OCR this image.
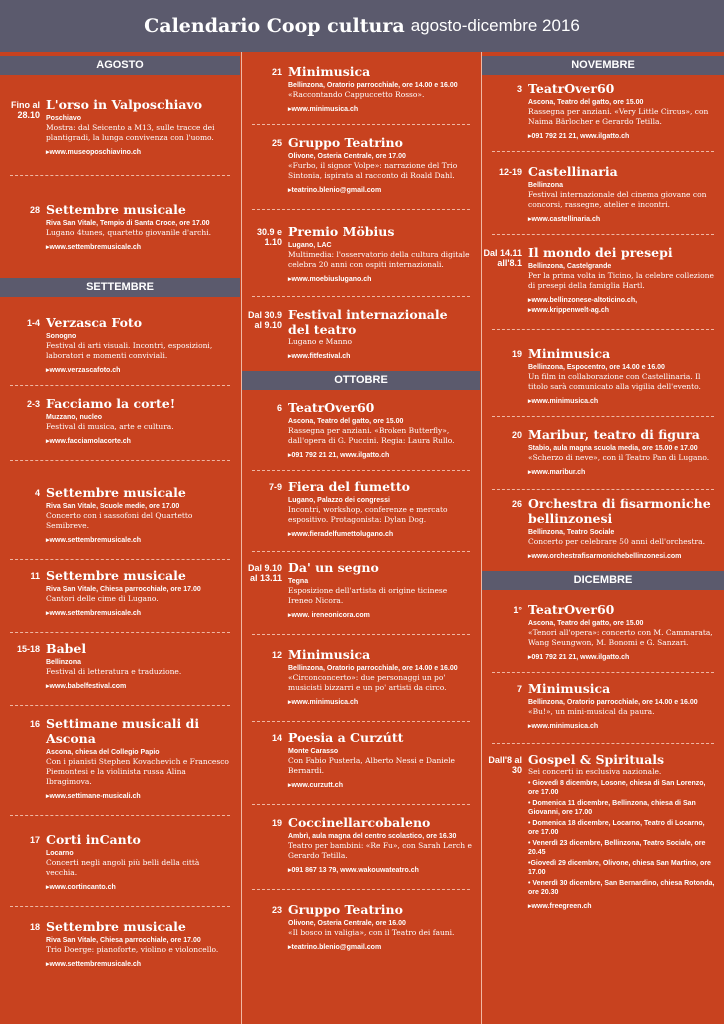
Calendario Coop cultura agosto-dicembre 2016
AGOSTO
Fino al 28.10
L'orso in Valposchiavo
Poschiavo
Mostra: dal Seicento a M13, sulle tracce dei plantigradi, la lunga convivenza con l'uomo.
▸ www.museoposchiavino.ch
28 Settembre musicale
Riva San Vitale, Tempio di Santa Croce, ore 17.00
Lugano 4tunes, quartetto giovanile d'archi.
▸ www.settembremusicale.ch
SETTEMBRE
1-4 Verzasca Foto
Sonogno
Festival di arti visuali. Incontri, esposizioni, laboratori e momenti conviviali.
▸ www.verzascafoto.ch
2-3 Facciamo la corte!
Muzzano, nucleo
Festival di musica, arte e cultura.
▸ www.facciamolacorte.ch
4 Settembre musicale
Riva San Vitale, Scuole medie, ore 17.00
Concerto con i sassofoni del Quartetto Semibreve.
▸ www.settembremusicale.ch
11 Settembre musicale
Riva San Vitale, Chiesa parrocchiale, ore 17.00
Cantori delle cime di Lugano.
▸ www.settembremusicale.ch
15-18 Babel
Bellinzona
Festival di letteratura e traduzione.
▸ www.babelfestival.com
16 Settimane musicali di Ascona
Ascona, chiesa del Collegio Papio
Con i pianisti Stephen Kovachevich e Francesco Piemontesi e la violinista russa Alina Ibragimova.
▸ www.settimane-musicali.ch
17 Corti inCanto
Locarno
Concerti negli angoli più belli della città vecchia.
▸ www.cortincanto.ch
18 Settembre musicale
Riva San Vitale, Chiesa parrocchiale, ore 17.00
Trio Doerge: pianoforte, violino e violoncello.
▸ www.settembremusicale.ch
21 Minimusica
Bellinzona, Oratorio parrocchiale, ore 14.00 e 16.00
«Raccontando Cappuccetto Rosso».
▸ www.minimusica.ch
25 Gruppo Teatrino
Olivone, Osteria Centrale, ore 17.00
«Furbo, il signor Volpe»: narrazione del Trio Sintonia, ispirata al racconto di Roald Dahl.
▸ teatrino.blenio@gmail.com
30.9 e 1.10
Premio Möbius
Lugano, LAC
Multimedia: l'osservatorio della cultura digitale celebra 20 anni con ospiti internazionali.
▸ www.moebiuslugano.ch
Dal 30.9 al 9.10
Festival internazionale del teatro
Lugano e Manno
▸ www.fitfestival.ch
OTTOBRE
6 TeatrOver60
Ascona, Teatro del gatto, ore 15.00
Rassegna per anziani. «Broken Butterfly», dall'opera di G. Puccini. Regia: Laura Rullo.
▸ 091 792 21 21, www.ilgatto.ch
7-9 Fiera del fumetto
Lugano, Palazzo dei congressi
Incontri, workshop, conferenze e mercato espositivo. Protagonista: Dylan Dog.
▸ www.fieradelfumettolugano.ch
Dal 9.10 al 13.11
Da' un segno
Tegna
Esposizione dell'artista di origine ticinese Ireneo Nicora.
▸ www. ireneonicora.com
12 Minimusica
Bellinzona, Oratorio parrocchiale, ore 14.00 e 16.00
«Circonconcerto»: due personaggi un po' musicisti bizzarri e un po' artisti da circo.
▸ www.minimusica.ch
14 Poesia a Curzútt
Monte Carasso
Con Fabio Pusterla, Alberto Nessi e Daniele Bernardi.
▸ www.curzutt.ch
19 Coccinellarcobaleno
Ambrì, aula magna del centro scolastico, ore 16.30
Teatro per bambini: «Re Fu», con Sarah Lerch e Gerardo Tetilla.
▸ 091 867 13 79, www.wakouwateatro.ch
23 Gruppo Teatrino
Olivone, Osteria Centrale, ore 16.00
«Il bosco in valigia», con il Teatro dei fauni.
▸ teatrino.blenio@gmail.com
NOVEMBRE
3 TeatrOver60
Ascona, Teatro del gatto, ore 15.00
Rassegna per anziani. «Very Little Circus», con Naima Bärlocher e Gerardo Tetilla.
▸ 091 792 21 21, www.ilgatto.ch
12-19 Castellinaria
Bellinzona
Festival internazionale del cinema giovane con concorsi, rassegne, atelier e incontri.
▸ www.castellinaria.ch
Dal 14.11 all'8.1
Il mondo dei presepi
Bellinzona, Castelgrande
Per la prima volta in Ticino, la celebre collezione di presepi della famiglia Hartl.
▸ www.bellinzonese-altoticino.ch,
▸ www.krippenwelt-ag.ch
19 Minimusica
Bellinzona, Espocentro, ore 14.00 e 16.00
Un film in collaborazione con Castellinaria. Il titolo sarà comunicato alla vigilia dell'evento.
▸ www.minimusica.ch
20 Maribur, teatro di figura
Stabio, aula magna scuola media, ore 15.00 e 17.00
«Scherzo di neve», con il Teatro Pan di Lugano.
▸ www.maribur.ch
26 Orchestra di fisarmoniche bellinzonesi
Bellinzona, Teatro Sociale
Concerto per celebrare 50 anni dell'orchestra.
▸ www.orchestrafisarmonichebellinzonesi.com
DICEMBRE
1° TeatrOver60
Ascona, Teatro del gatto, ore 15.00
«Tenori all'opera»: concerto con M. Cammarata, Wang Seungwon, M. Bonomi e G. Sanzari.
▸ 091 792 21 21, www.ilgatto.ch
7 Minimusica
Bellinzona, Oratorio parrocchiale, ore 14.00 e 16.00
«Bu!», un mini-musical da paura.
▸ www.minimusica.ch
Dall'8 al 30
Gospel & Spirituals
Sei concerti in esclusiva nazionale.
• Giovedì 8 dicembre, Losone, chiesa di San Lorenzo, ore 17.00
• Domenica 11 dicembre, Bellinzona, chiesa di San Giovanni, ore 17.00
• Domenica 18 dicembre, Locarno, Teatro di Locarno, ore 17.00
• Venerdì 23 dicembre, Bellinzona, Teatro Sociale, ore 20.45
•Giovedì 29 dicembre, Olivone, chiesa San Martino, ore 17.00
• Venerdì 30 dicembre, San Bernardino, chiesa Rotonda, ore 20.30
▸ www.freegreen.ch
